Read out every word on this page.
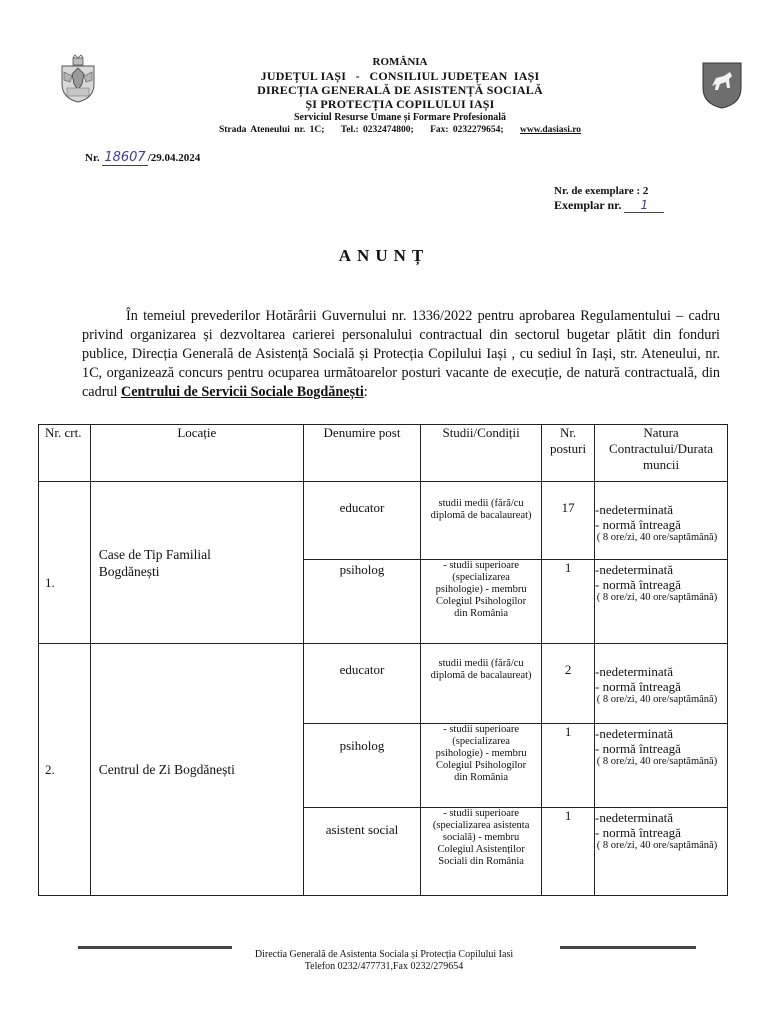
ROMÂNIA
JUDEȚUL IAȘI   -   CONSILIUL JUDEȚEAN  IAȘI
DIRECȚIA GENERALĂ DE ASISTENȚĂ SOCIALĂ
ȘI PROTECȚIA COPILULUI IAȘI
Serviciul Resurse Umane și Formare Profesională
Strada Ateneului nr. 1C; Tel.: 0232474800; Fax: 0232279654; www.dasiasi.ro
Nr. 18607 /29.04.2024
Nr. de exemplare : 2
Exemplar nr. 1
ANUNȚ
În temeiul prevederilor Hotărârii Guvernului nr. 1336/2022 pentru aprobarea Regulamentului – cadru privind organizarea și dezvoltarea carierei personalului contractual din sectorul bugetar plătit din fonduri publice, Direcția Generală de Asistență Socială și Protecția Copilului Iași , cu sediul în Iași, str. Ateneului, nr. 1C, organizează concurs pentru ocuparea următoarelor posturi vacante de execuție, de natură contractuală, din cadrul Centrului de Servicii Sociale Bogdănești:
Nr. crt.	Locație	Denumire post	Studii/Condiții	Nr. posturi	Natura Contractului/Durata muncii
1.	Case de Tip Familial Bogdănești	educator	studii medii (fără/cu diplomă de bacalaureat)	17	-nedeterminată
- normă întreagă
( 8 ore/zi, 40 ore/saptămână)

		psiholog	- studii superioare (specializarea psihologie) - membru Colegiul Psihologilor din România	1	-nedeterminată
- normă întreagă
( 8 ore/zi, 40 ore/saptămână)

2.	Centrul de Zi Bogdănești	educator	studii medii (fără/cu diplomă de bacalaureat)	2	-nedeterminată
- normă întreagă
( 8 ore/zi, 40 ore/saptămână)

		psiholog	- studii superioare (specializarea psihologie) - membru Colegiul Psihologilor din România	1	-nedeterminată
- normă întreagă
( 8 ore/zi, 40 ore/saptămână)

		asistent social	- studii superioare (specializarea asistenta socială) - membru Colegiul Asistenților Sociali din România	1	-nedeterminată
- normă întreagă
( 8 ore/zi, 40 ore/saptămână)
Directia Generală de Asistenta Sociala și Protecția Copilului Iasi
Telefon 0232/477731,Fax 0232/279654
